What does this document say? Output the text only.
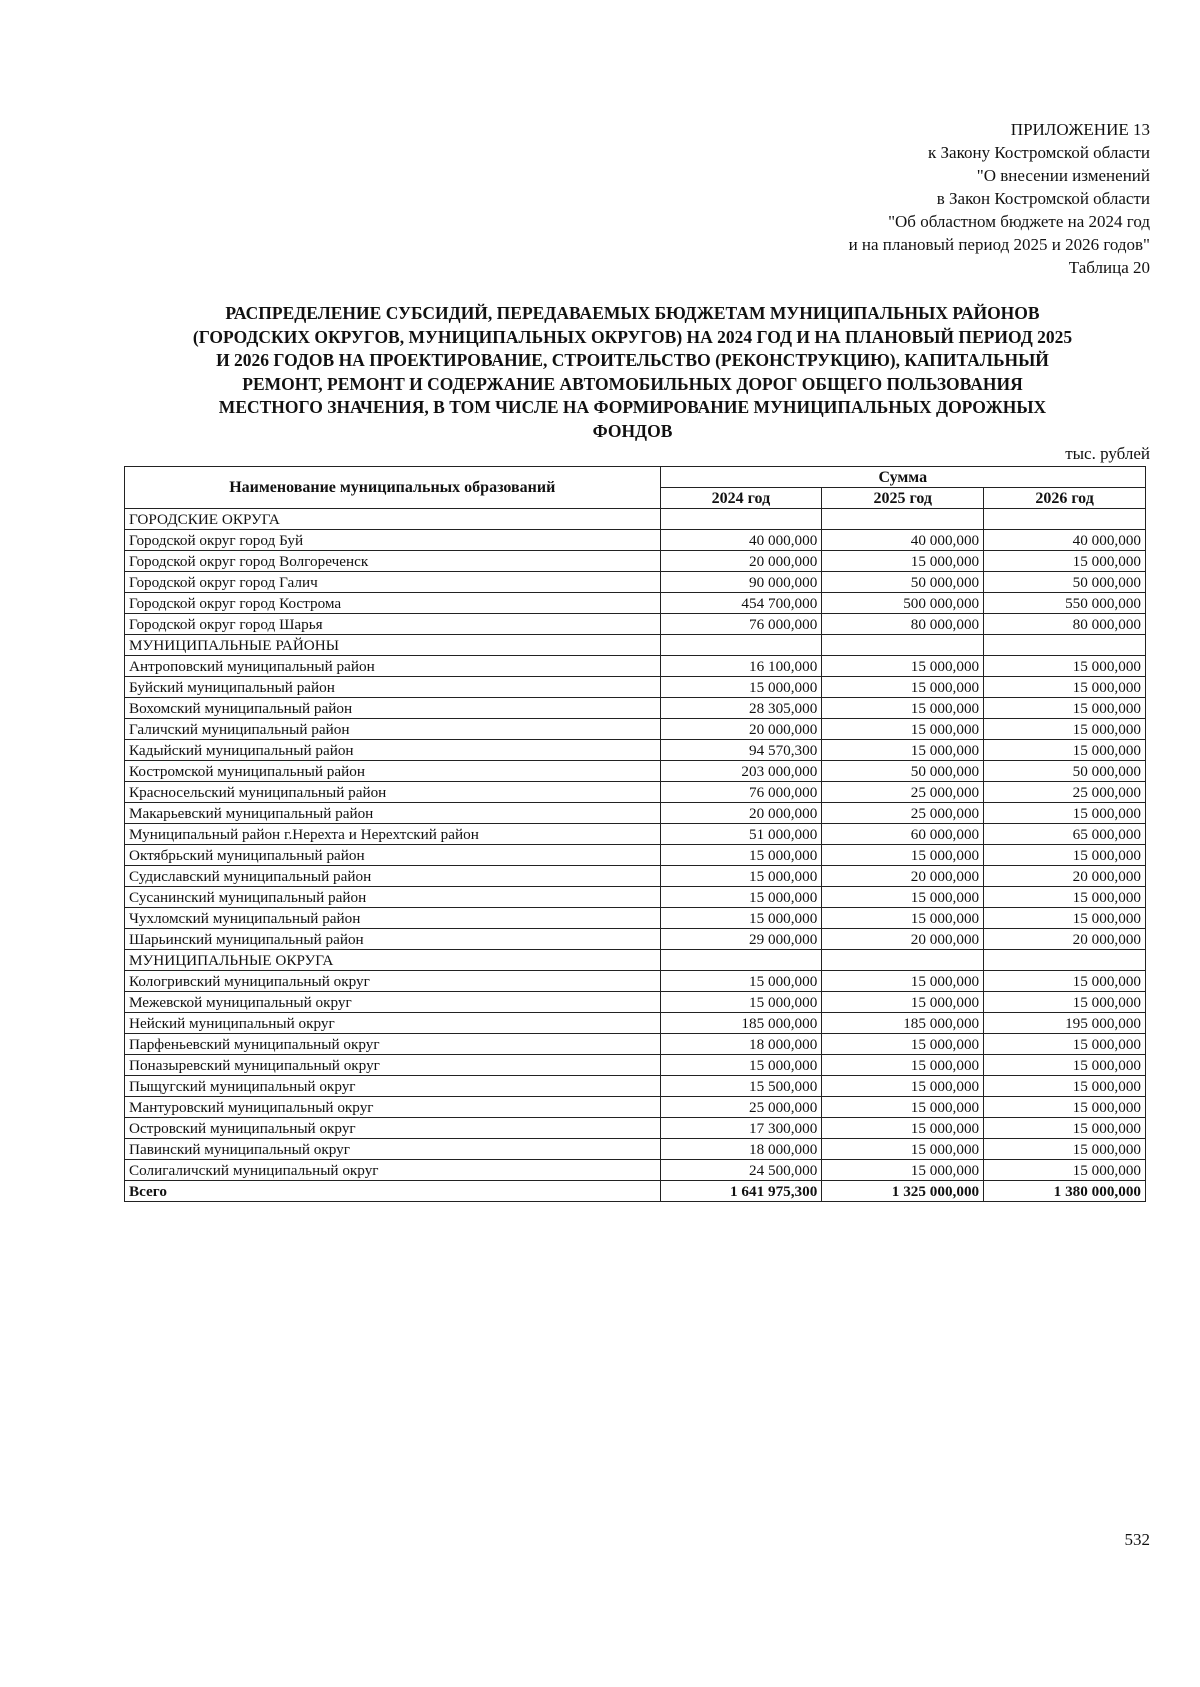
ПРИЛОЖЕНИЕ 13
к Закону Костромской области
"О внесении изменений
в Закон Костромской области
"Об областном бюджете на 2024 год
и на плановый период 2025 и 2026 годов"
Таблица 20
РАСПРЕДЕЛЕНИЕ СУБСИДИЙ, ПЕРЕДАВАЕМЫХ БЮДЖЕТАМ МУНИЦИПАЛЬНЫХ РАЙОНОВ
(ГОРОДСКИХ ОКРУГОВ, МУНИЦИПАЛЬНЫХ ОКРУГОВ) НА 2024 ГОД И НА ПЛАНОВЫЙ ПЕРИОД 2025
И 2026 ГОДОВ НА ПРОЕКТИРОВАНИЕ, СТРОИТЕЛЬСТВО (РЕКОНСТРУКЦИЮ), КАПИТАЛЬНЫЙ
РЕМОНТ, РЕМОНТ И СОДЕРЖАНИЕ АВТОМОБИЛЬНЫХ ДОРОГ ОБЩЕГО ПОЛЬЗОВАНИЯ
МЕСТНОГО ЗНАЧЕНИЯ, В ТОМ ЧИСЛЕ НА ФОРМИРОВАНИЕ МУНИЦИПАЛЬНЫХ ДОРОЖНЫХ
ФОНДОВ
тыс. рублей
Наименование муниципальных образований	Сумма		
	2024 год	2025 год	2026 год
ГОРОДСКИЕ ОКРУГА			
Городской округ город Буй	40 000,000	40 000,000	40 000,000
Городской округ город Волгореченск	20 000,000	15 000,000	15 000,000
Городской округ город Галич	90 000,000	50 000,000	50 000,000
Городской округ город Кострома	454 700,000	500 000,000	550 000,000
Городской округ город Шарья	76 000,000	80 000,000	80 000,000
МУНИЦИПАЛЬНЫЕ РАЙОНЫ			
Антроповский муниципальный район	16 100,000	15 000,000	15 000,000
Буйский муниципальный район	15 000,000	15 000,000	15 000,000
Вохомский муниципальный район	28 305,000	15 000,000	15 000,000
Галичский муниципальный район	20 000,000	15 000,000	15 000,000
Кадыйский муниципальный район	94 570,300	15 000,000	15 000,000
Костромской муниципальный район	203 000,000	50 000,000	50 000,000
Красносельский муниципальный район	76 000,000	25 000,000	25 000,000
Макарьевский муниципальный район	20 000,000	25 000,000	15 000,000
Муниципальный район г.Нерехта и Нерехтский район	51 000,000	60 000,000	65 000,000
Октябрьский муниципальный район	15 000,000	15 000,000	15 000,000
Судиславский муниципальный район	15 000,000	20 000,000	20 000,000
Сусанинский муниципальный район	15 000,000	15 000,000	15 000,000
Чухломский муниципальный район	15 000,000	15 000,000	15 000,000
Шарьинский муниципальный район	29 000,000	20 000,000	20 000,000
МУНИЦИПАЛЬНЫЕ ОКРУГА			
Кологривский муниципальный округ	15 000,000	15 000,000	15 000,000
Межевской муниципальный округ	15 000,000	15 000,000	15 000,000
Нейский муниципальный округ	185 000,000	185 000,000	195 000,000
Парфеньевский муниципальный округ	18 000,000	15 000,000	15 000,000
Поназыревский муниципальный округ	15 000,000	15 000,000	15 000,000
Пыщугский муниципальный округ	15 500,000	15 000,000	15 000,000
Мантуровский муниципальный округ	25 000,000	15 000,000	15 000,000
Островский муниципальный округ	17 300,000	15 000,000	15 000,000
Павинский муниципальный округ	18 000,000	15 000,000	15 000,000
Солигаличский муниципальный округ	24 500,000	15 000,000	15 000,000
Всего	1 641 975,300	1 325 000,000	1 380 000,000
532
